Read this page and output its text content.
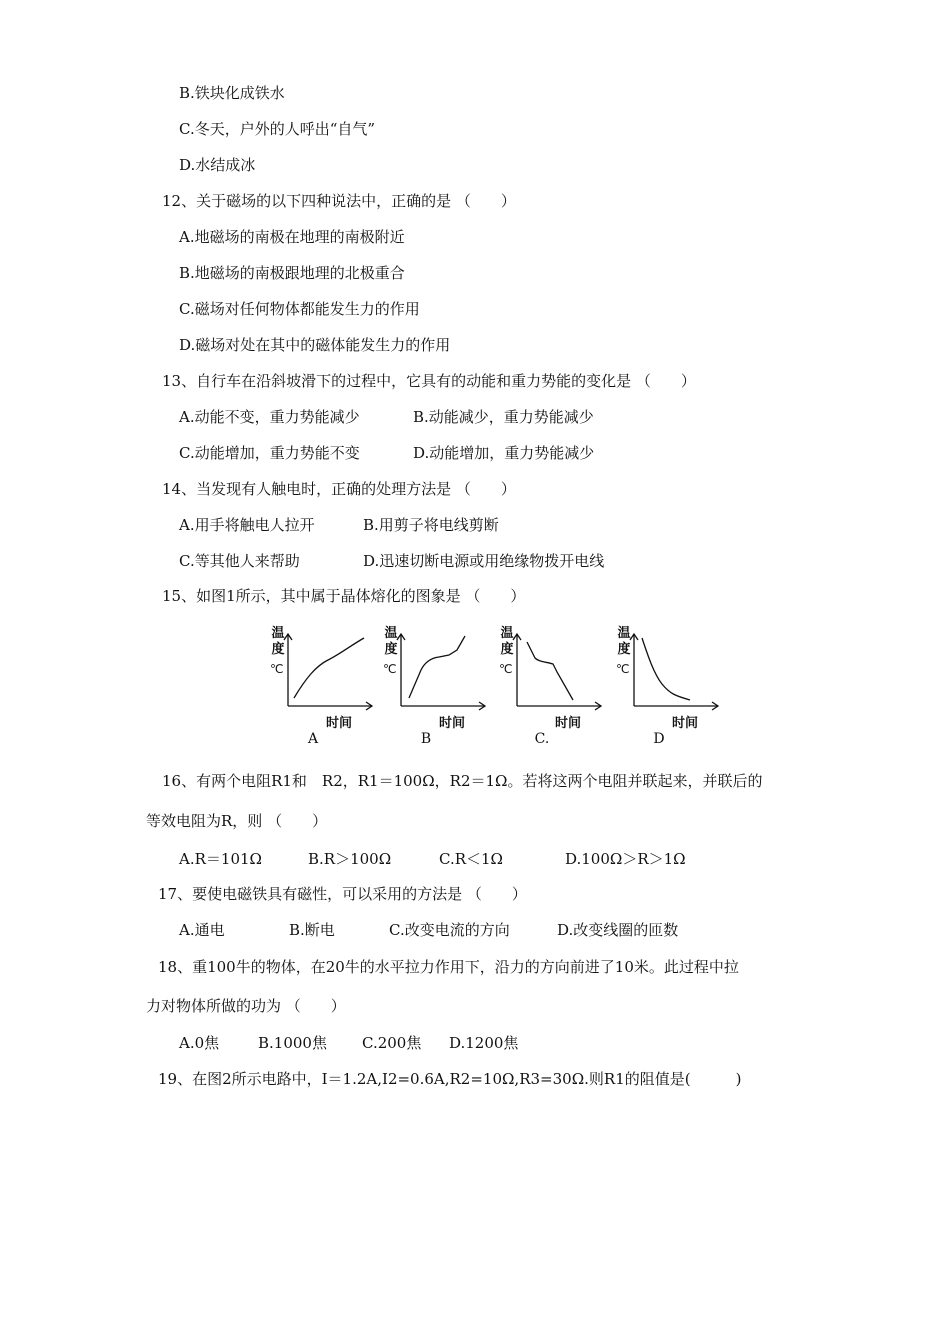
B.铁块化成铁水
C.冬天，户外的人呼出“自气”
D.水结成冰
12、关于磁场的以下四种说法中，正确的是 （　　）
A.地磁场的南极在地理的南极附近
B.地磁场的南极跟地理的北极重合
C.磁场对任何物体都能发生力的作用
D.磁场对处在其中的磁体能发生力的作用
13、自行车在沿斜坡滑下的过程中，它具有的动能和重力势能的变化是 （　　）
A.动能不变，重力势能减少	B.动能减少，重力势能减少
C.动能增加，重力势能不变	D.动能增加，重力势能减少
14、当发现有人触电时，正确的处理方法是 （　　）
A.用手将触电人拉开	B.用剪子将电线剪断
C.等其他人来帮助	D.迅速切断电源或用绝缘物拨开电线
15、如图1所示，其中属于晶体熔化的图象是 （　　）
温度
℃
时间
A
温度
℃
时间
B
温度
℃
时间
C.
温度
℃
时间
D
16、有两个电阻R1和　R2，R1＝100Ω，R2＝1Ω。若将这两个电阻并联起来，并联后的
等效电阻为R，则 （　　）
A.R＝101Ω	B.R＞100Ω	C.R＜1Ω	D.100Ω＞R＞1Ω
17、要使电磁铁具有磁性，可以采用的方法是 （　　）
A.通电	B.断电	C.改变电流的方向	D.改变线圈的匝数
18、重100牛的物体，在20牛的水平拉力作用下，沿力的方向前进了10米。此过程中拉
力对物体所做的功为 （　　）
A.0焦	B.1000焦 C.200焦 D.1200焦
19、在图2所示电路中，I＝1.2A,I2=0.6A,R2=10Ω,R3=30Ω.则R1的阻值是(　　　)
